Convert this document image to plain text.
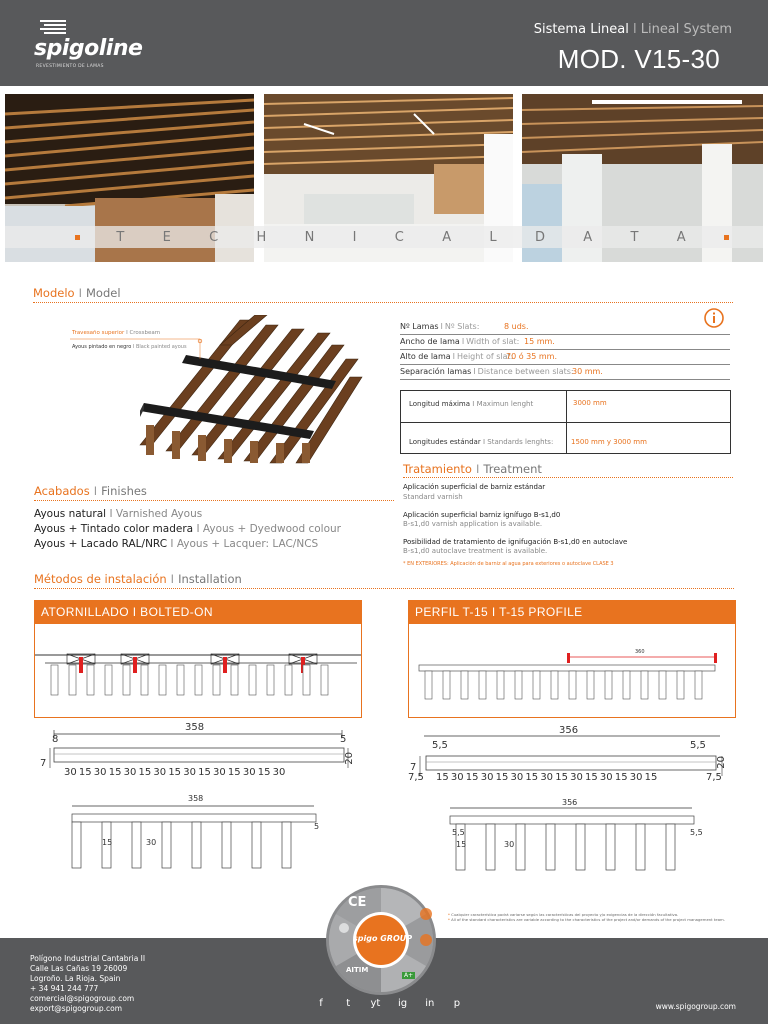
spigoline
REVESTIMIENTO DE LAMAS
Sistema Lineal I Lineal System
MOD. V15-30
T	E	C	H	N	I	C	A	L	D	A	T	A
Modelo I Model
Travesaño superior I Crossbeam
Ayous pintado en negro I Black painted ayous
Nº Lamas I Nº Slats:	8 uds.
Ancho de lama I Width of slat: 15 mm.
Alto de lama I Height of slat:
70 ó 35 mm.
Separación lamas I Distance between slats:
30 mm.
Longitud máxima I Maximun lenght	3000 mm
Longitudes estándar I Standards lenghts:	1500 mm y 3000 mm
Tratamiento I Treatment
Aplicación superficial de barniz estándar
Standard varnish
Aplicación superficial barniz ignífugo B-s1,d0
B-s1,d0 varnish application is available.
Posibilidad de tratamiento de ignifugación B-s1,d0 en autoclave
B-s1,d0 autoclave treatment is available.
* EN EXTERIORES: Aplicación de barniz al agua para exteriores o autoclave CLASE 3
Acabados I Finishes
Ayous natural I Varnished Ayous
Ayous + Tintado color madera I Ayous + Dyedwood colour
Ayous + Lacado RAL/NRC I Ayous + Lacquer: LAC/NCS
Métodos de instalación I Installation
ATORNILLADO I BOLTED-ON	PERFIL T-15 I T-15 PROFILE
360
358
8	5
7	20
30 15 30 15 30 15 30 15 30 15 30 15 30 15 30
358
5
15	30
356
5,5	5,5
7
7,5
20
15 30 15 30 15 30 15 30 15 30 15 30 15 30 15	7,5
356
5,5	5,5
15	30
spigo GROUP
CE
AITIM
A+
* Cualquier característica podrá variarse según las características del proyecto y/o exigencias de la dirección facultativa.
* All of the standard characteristics are variable according to the characteristics of the project and/or demands of the project management team.
Polígono Industrial Cantabria II
Calle Las Cañas 19 26009
Logroño. La Rioja. Spain
+ 34 941 244 777
comercial@spigogroup.com
export@spigogroup.com	f	t	yt ig in	p	www.spigogroup.com
